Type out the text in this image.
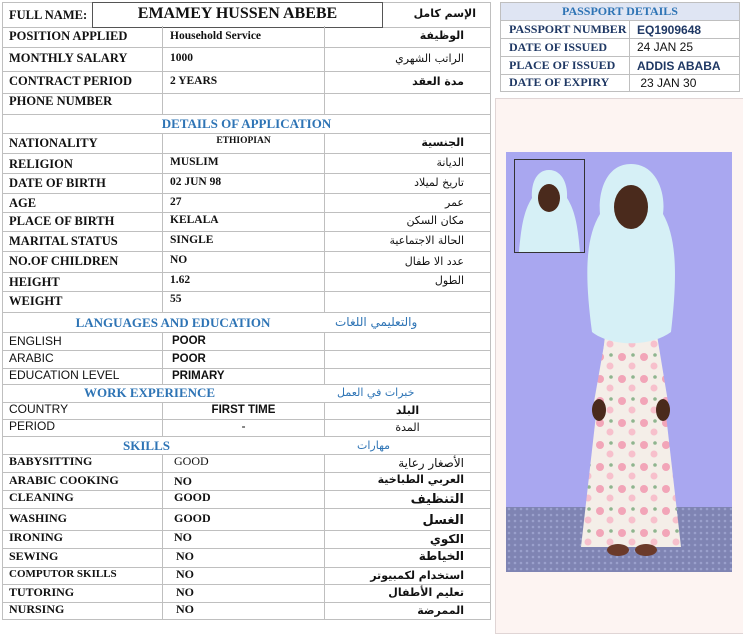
FULL NAME:	EMAMEY HUSSEN ABEBE	الإسم كامل
POSITION APPLIED	Household Service	الوظيفة
MONTHLY SALARY	1000	الراتب الشهري
CONTRACT PERIOD	2 YEARS	مدة العقد
PHONE NUMBER
DETAILS OF APPLICATION
NATIONALITY	ETHIOPIAN	الجنسية
RELIGION	MUSLIM	الديانة
DATE OF BIRTH	02 JUN 98	تاريخ لميلاد
AGE	27	عمر
PLACE OF BIRTH	KELALA	مكان السكن
MARITAL STATUS	SINGLE	الحالة الاجتماعية
NO.OF CHILDREN	NO	عدد الا طفال
HEIGHT	1.62	الطول
WEIGHT	55
LANGUAGES AND EDUCATION	والتعليمي اللغات
ENGLISH	POOR
ARABIC	POOR
EDUCATION LEVEL	PRIMARY
WORK EXPERIENCE	خبرات في العمل
COUNTRY	FIRST TIME	البلد
PERIOD	-	المدة
SKILLS	مهارات
BABYSITTING	GOOD	الأصغار رعاية
ARABIC COOKING	NO	العربي الطباخية
CLEANING	GOOD	التنظيف
WASHING	GOOD	الغسل
IRONING	NO	الكوي
SEWING	NO	الخياطة
COMPUTOR SKILLS	NO	استخدام لكمبيوتر
TUTORING	NO	تعليم الأطفال
NURSING	NO	الممرضة
PASSPORT DETAILS
PASSPORT NUMBER EQ1909648
DATE OF ISSUED	24 JAN 25
PLACE OF ISSUED	ADDIS ABABA
DATE OF EXPIRY	23 JAN 30
